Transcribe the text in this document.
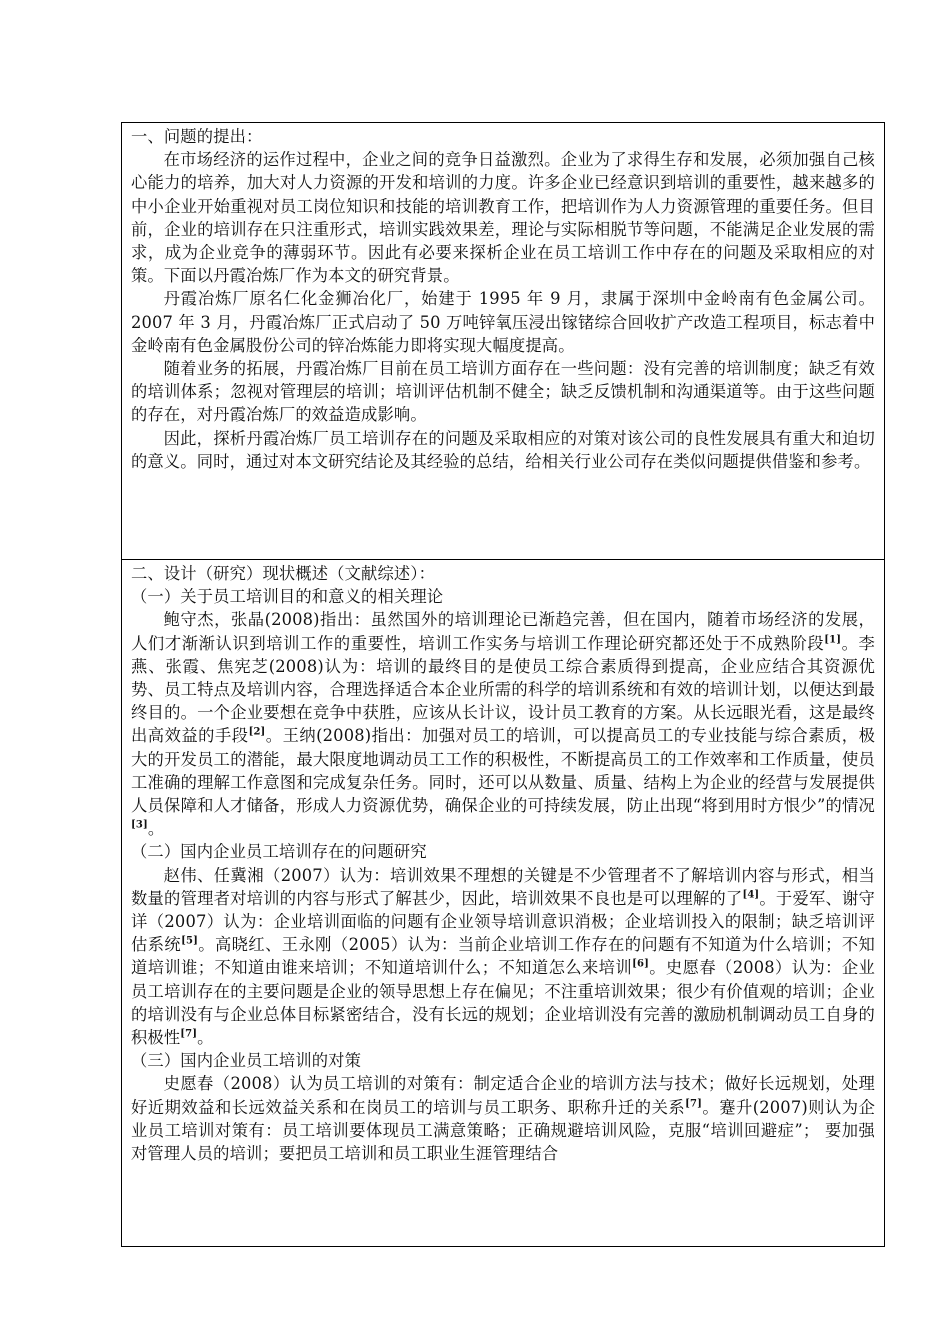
一、问题的提出：

在市场经济的运作过程中，企业之间的竞争日益激烈。企业为了求得生存和发展，必须加强自己核心能力的培养，加大对人力资源的开发和培训的力度。许多企业已经意识到培训的重要性，越来越多的中小企业开始重视对员工岗位知识和技能的培训教育工作，把培训作为人力资源管理的重要任务。但目前，企业的培训存在只注重形式，培训实践效果差，理论与实际相脱节等问题，不能满足企业发展的需求，成为企业竞争的薄弱环节。因此有必要来探析企业在员工培训工作中存在的问题及采取相应的对策。下面以丹霞冶炼厂作为本文的研究背景。

丹霞冶炼厂原名仁化金狮冶化厂，始建于 1995 年 9 月，隶属于深圳中金岭南有色金属公司。2007 年 3 月，丹霞冶炼厂正式启动了 50 万吨锌氧压浸出镓锗综合回收扩产改造工程项目，标志着中金岭南有色金属股份公司的锌冶炼能力即将实现大幅度提高。

随着业务的拓展，丹霞冶炼厂目前在员工培训方面存在一些问题：没有完善的培训制度；缺乏有效的培训体系；忽视对管理层的培训；培训评估机制不健全；缺乏反馈机制和沟通渠道等。由于这些问题的存在，对丹霞冶炼厂的效益造成影响。

因此，探析丹霞冶炼厂员工培训存在的问题及采取相应的对策对该公司的良性发展具有重大和迫切的意义。同时，通过对本文研究结论及其经验的总结，给相关行业公司存在类似问题提供借鉴和参考。

二、设计（研究）现状概述（文献综述）：

（一）关于员工培训目的和意义的相关理论

鲍守杰，张晶(2008)指出：虽然国外的培训理论已渐趋完善，但在国内，随着市场经济的发展，人们才渐渐认识到培训工作的重要性，培训工作实务与培训工作理论研究都还处于不成熟阶段[1]。李燕、张霞、焦宪芝(2008)认为：培训的最终目的是使员工综合素质得到提高，企业应结合其资源优势、员工特点及培训内容，合理选择适合本企业所需的科学的培训系统和有效的培训计划，以便达到最终目的。一个企业要想在竞争中获胜，应该从长计议，设计员工教育的方案。从长远眼光看，这是最终出高效益的手段[2]。王纳(2008)指出：加强对员工的培训，可以提高员工的专业技能与综合素质，极大的开发员工的潜能，最大限度地调动员工工作的积极性，不断提高员工的工作效率和工作质量，使员工准确的理解工作意图和完成复杂任务。同时，还可以从数量、质量、结构上为企业的经营与发展提供人员保障和人才储备，形成人力资源优势，确保企业的可持续发展，防止出现“将到用时方恨少”的情况[3]。

（二）国内企业员工培训存在的问题研究

赵伟、任冀湘（2007）认为：培训效果不理想的关键是不少管理者不了解培训内容与形式，相当数量的管理者对培训的内容与形式了解甚少，因此，培训效果不良也是可以理解的了[4]。于爱军、谢守详（2007）认为：企业培训面临的问题有企业领导培训意识消极；企业培训投入的限制；缺乏培训评估系统[5]。高晓红、王永刚（2005）认为：当前企业培训工作存在的问题有不知道为什么培训；不知道培训谁；不知道由谁来培训；不知道培训什么；不知道怎么来培训[6]。史愿春（2008）认为：企业员工培训存在的主要问题是企业的领导思想上存在偏见；不注重培训效果；很少有价值观的培训；企业的培训没有与企业总体目标紧密结合，没有长远的规划；企业培训没有完善的激励机制调动员工自身的积极性[7]。

（三）国内企业员工培训的对策

史愿春（2008）认为员工培训的对策有：制定适合企业的培训方法与技术；做好长远规划，处理好近期效益和长远效益关系和在岗员工的培训与员工职务、职称升迁的关系[7]。蹇升(2007)则认为企业员工培训对策有：员工培训要体现员工满意策略；正确规避培训风险，克服“培训回避症”； 要加强对管理人员的培训；要把员工培训和员工职业生涯管理结合
